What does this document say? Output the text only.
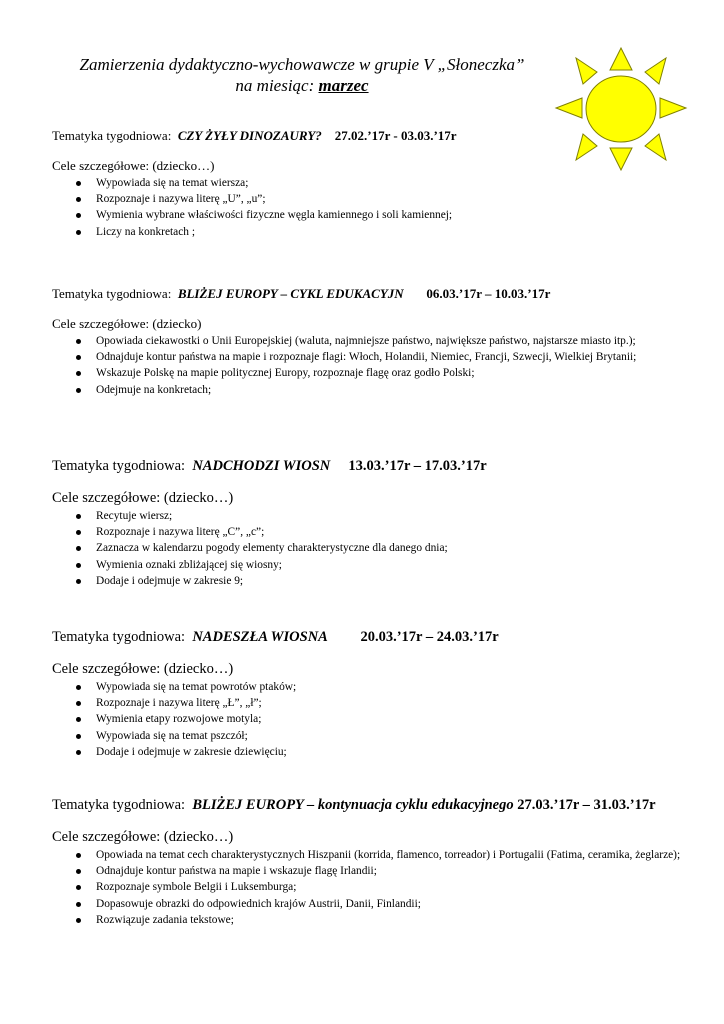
Zamierzenia dydaktyczno-wychowawcze w grupie V „Słoneczka”
na miesiąc: marzec
Tematyka tygodniowa: CZY ŻYŁY DINOZAURY? 27.02.’17r - 03.03.’17r
Cele szczegółowe: (dziecko…)
Wypowiada się na temat wiersza;
Rozpoznaje i nazywa literę „U”, „u”;
Wymienia wybrane właściwości fizyczne węgla kamiennego i soli kamiennej;
Liczy na konkretach ;
Tematyka tygodniowa: BLIŻEJ EUROPY – CYKL EDUKACYJN 06.03.’17r – 10.03.’17r
Cele szczegółowe: (dziecko)
Opowiada ciekawostki o Unii Europejskiej (waluta, najmniejsze państwo, największe państwo, najstarsze miasto itp.);
Odnajduje kontur państwa na mapie i rozpoznaje flagi: Włoch, Holandii, Niemiec, Francji, Szwecji, Wielkiej Brytanii;
Wskazuje Polskę na mapie politycznej Europy, rozpoznaje flagę oraz godło Polski;
Odejmuje na konkretach;
Tematyka tygodniowa: NADCHODZI WIOSN 13.03.’17r – 17.03.’17r
Cele szczegółowe: (dziecko…)
Recytuje wiersz;
Rozpoznaje i nazywa literę „C”, „c”;
Zaznacza w kalendarzu pogody elementy charakterystyczne dla danego dnia;
Wymienia oznaki zbliżającej się wiosny;
Dodaje i odejmuje w zakresie 9;
Tematyka tygodniowa: NADESZŁA WIOSNA 20.03.’17r – 24.03.’17r
Cele szczegółowe: (dziecko…)
Wypowiada się na temat powrotów ptaków;
Rozpoznaje i nazywa literę „Ł”, „ł”;
Wymienia etapy rozwojowe motyla;
Wypowiada się na temat pszczół;
Dodaje i odejmuje w zakresie dziewięciu;
Tematyka tygodniowa: BLIŻEJ EUROPY – kontynuacja cyklu edukacyjnego 27.03.’17r – 31.03.’17r
Cele szczegółowe: (dziecko…)
Opowiada na temat cech charakterystycznych Hiszpanii (korrida, flamenco, torreador) i Portugalii (Fatima, ceramika, żeglarze);
Odnajduje kontur państwa na mapie i wskazuje flagę Irlandii;
Rozpoznaje symbole Belgii i Luksemburga;
Dopasowuje obrazki do odpowiednich krajów Austrii, Danii, Finlandii;
Rozwiązuje zadania tekstowe;
